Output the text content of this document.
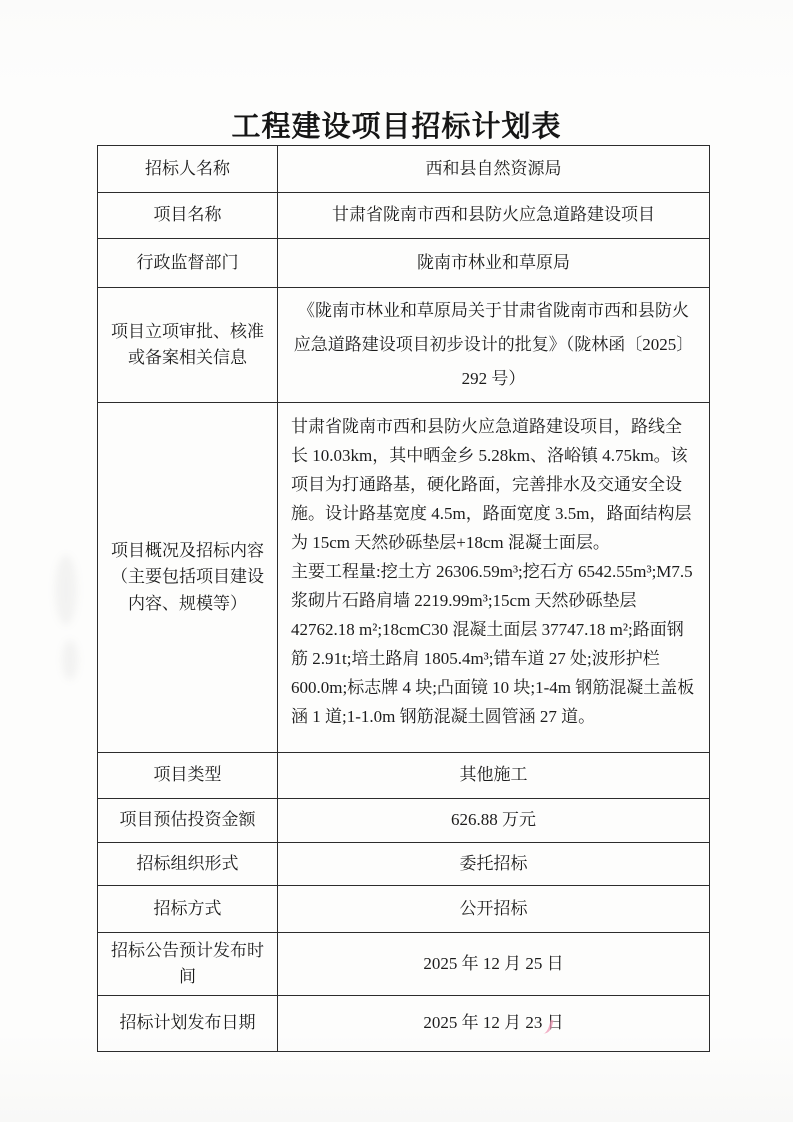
工程建设项目招标计划表
招标人名称	西和县自然资源局
项目名称	甘肃省陇南市西和县防火应急道路建设项目
行政监督部门	陇南市林业和草原局
项目立项审批、核准或备案相关信息	《陇南市林业和草原局关于甘肃省陇南市西和县防火应急道路建设项目初步设计的批复》（陇林函〔2025〕292 号）
项目概况及招标内容（主要包括项目建设内容、规模等）	甘肃省陇南市西和县防火应急道路建设项目，路线全长 10.03km，其中晒金乡 5.28km、洛峪镇 4.75km。该项目为打通路基，硬化路面，完善排水及交通安全设施。设计路基宽度 4.5m，路面宽度 3.5m，路面结构层为 15cm 天然砂砾垫层+18cm 混凝士面层。

主要工程量:挖土方 26306.59m³;挖石方 6542.55m³;M7.5 浆砌片石路肩墙 2219.99m³;15cm 天然砂砾垫层 42762.18 m²;18cmC30 混凝土面层 37747.18 m²;路面钢筋 2.91t;培土路肩 1805.4m³;错车道 27 处;波形护栏 600.0m;标志牌 4 块;凸面镜 10 块;1-4m 钢筋混凝土盖板涵 1 道;1-1.0m 钢筋混凝土圆管涵 27 道。

项目类型	其他施工
项目预估投资金额	626.88 万元
招标组织形式	委托招标
招标方式	公开招标
招标公告预计发布时间	2025 年 12 月 25 日
招标计划发布日期	2025 年 12 月 23 日
